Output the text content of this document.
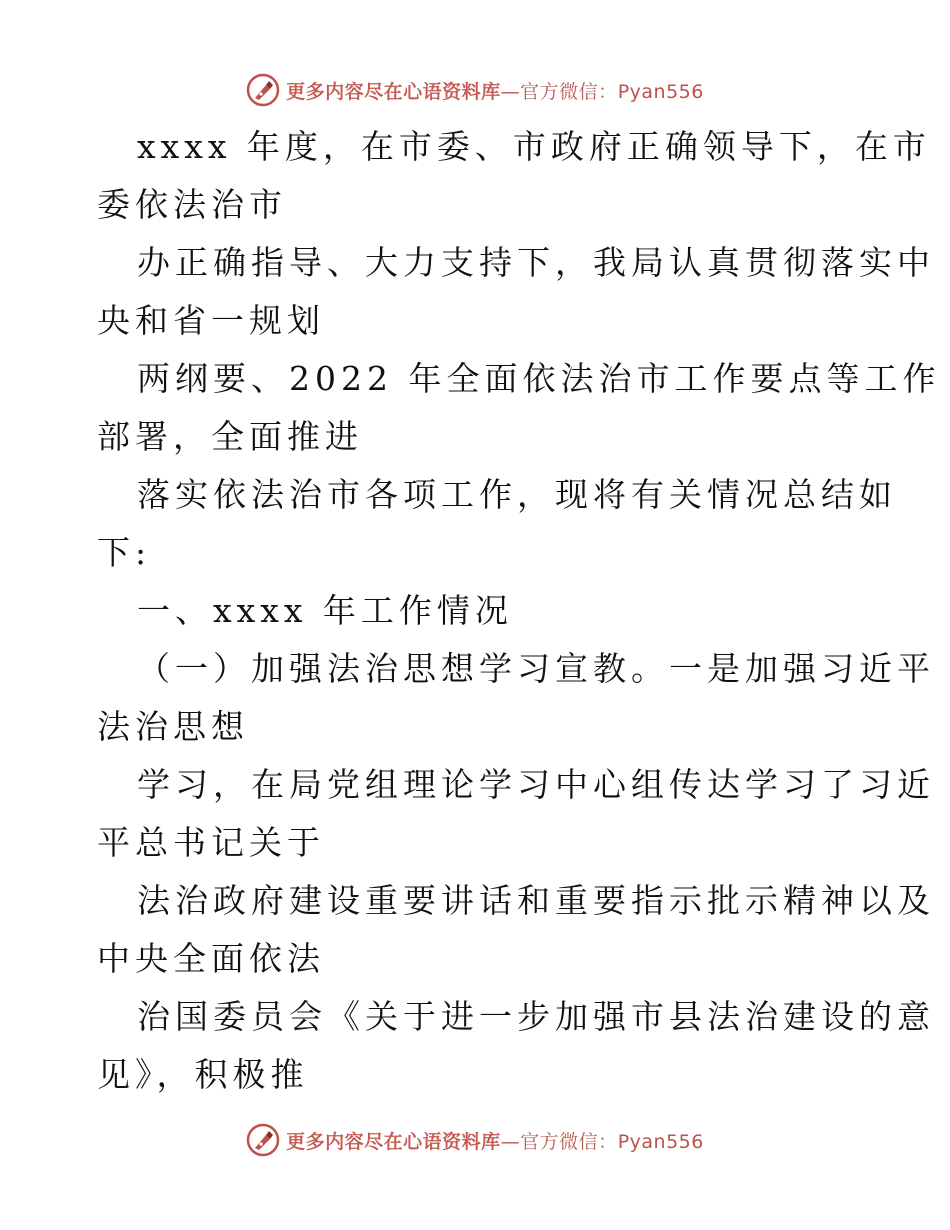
更多内容尽在心语资料库—官方微信：Pyan556
xxxx 年度，在市委、市政府正确领导下，在市
委依法治市
办正确指导、大力支持下，我局认真贯彻落实中
央和省一规划
两纲要、2022 年全面依法治市工作要点等工作
部署，全面推进
落实依法治市各项工作，现将有关情况总结如
下:
一、xxxx 年工作情况
（一）加强法治思想学习宣教。一是加强习近平
法治思想
学习，在局党组理论学习中心组传达学习了习近
平总书记关于
法治政府建设重要讲话和重要指示批示精神以及
中央全面依法
治国委员会《关于进一步加强市县法治建设的意
见》，积极推
更多内容尽在心语资料库—官方微信：Pyan556
